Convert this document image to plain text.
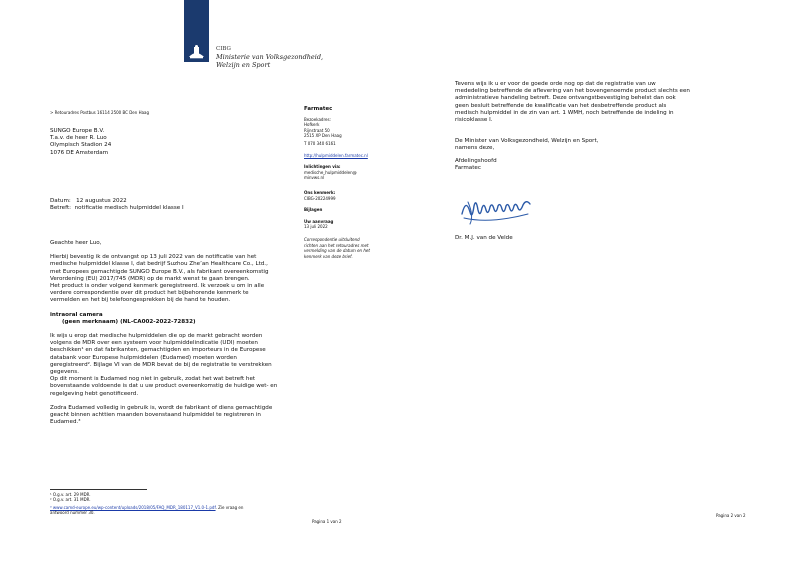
CIBG
Ministerie van Volksgezondheid,
Welzijn en Sport
> Retouradres Postbus 16114 2500 BC Den Haag
SUNGO Europe B.V.
T.a.v. de heer R. Luo
Olympisch Stadion 24
1076 DE Amsterdam
Datum: 12 augustus 2022
Betreft: notificatie medisch hulpmiddel klasse I
Farmatec
Bezoekadres:
Hofkerk
Rijnstraat 50
2515 XP Den Haag
T 070 340 6161
http://hulpmiddelen.farmatec.nl
Inlichtingen via:
medische_hulpmiddelen@
minvws.nl
Ons kenmerk:
CIBG-20224999
Bijlagen
Uw aanvraag
13 juli 2022
Correspondentie uitsluitend
richten aan het retouradres met
vermelding van de datum en het
kenmerk van deze brief.
Geachte heer Luo,
Hierbij bevestig ik de ontvangst op 13 juli 2022 van de notificatie van het
medische hulpmiddel klasse I, dat bedrijf Suzhou Zhe’an Healthcare Co., Ltd.,
met Europees gemachtigde SUNGO Europe B.V., als fabrikant overeenkomstig
Verordening (EU) 2017/745 (MDR) op de markt wenst te gaan brengen.
Het product is onder volgend kenmerk geregistreerd. Ik verzoek u om in alle
verdere correspondentie over dit product het bijbehorende kenmerk te
vermelden en het bij telefoongesprekken bij de hand te houden.
intraoral camera
(geen merknaam) (NL-CA002-2022-72832)
Ik wijs u erop dat medische hulpmiddelen die op de markt gebracht worden
volgens de MDR over een systeem voor hulpmiddelindicatie (UDI) moeten
beschikken¹ en dat fabrikanten, gemachtigden en importeurs in de Europese
databank voor Europese hulpmiddelen (Eudamed) moeten worden
geregistreerd². Bijlage VI van de MDR bevat de bij de registratie te verstrekken
gegevens.
Op dit moment is Eudamed nog niet in gebruik, zodat het wat betreft het
bovenstaande voldoende is dat u uw product overeenkomstig de huidige wet- en
regelgeving hebt genotificeerd.
Zodra Eudamed volledig in gebruik is, wordt de fabrikant of diens gemachtigde
geacht binnen achttien maanden bovenstaand hulpmiddel te registreren in
Eudamed.³
¹ O.g.v. art. 29 MDR.
² O.g.v. art. 31 MDR.
³ www.camd-europe.eu/wp-content/uploads/2018/05/FAQ_MDR_180117_V1.0-1.pdf. Zie vraag en
antwoord nummer 30.
Pagina 1 van 2
Tevens wijs ik u er voor de goede orde nog op dat de registratie van uw
mededeling betreffende de aflevering van het bovengenoemde product slechts een
administratieve handeling betreft. Deze ontvangstbevestiging behelst dan ook
geen besluit betreffende de kwalificatie van het desbetreffende product als
medisch hulpmiddel in de zin van art. 1 WMH, noch betreffende de indeling in
risicoklasse I.
De Minister van Volksgezondheid, Welzijn en Sport,
namens deze,
Afdelingshoofd
Farmatec
Dr. M.J. van de Velde
Pagina 2 van 2
